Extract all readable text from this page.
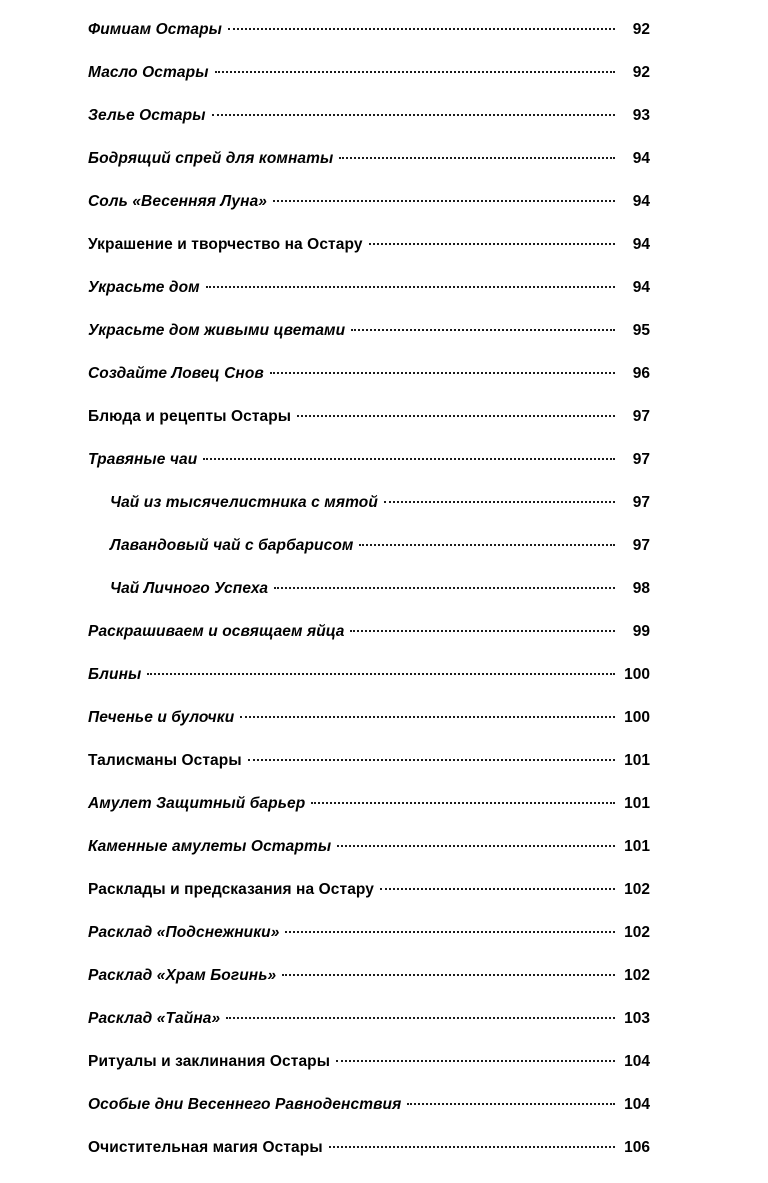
Фимиам Остары	92
Масло Остары	92
Зелье Остары	93
Бодрящий спрей для комнаты	94
Соль «Весенняя Луна»	94
Украшение и творчество на Остару	94
Украсьте дом	94
Украсьте дом живыми цветами	95
Создайте Ловец Снов	96
Блюда и рецепты Остары	97
Травяные чаи	97
Чай из тысячелистника с мятой	97
Лавандовый чай с барбарисом	97
Чай Личного Успеха	98
Раскрашиваем и освящаем яйца	99
Блины	100
Печенье и булочки	100
Талисманы Остары	101
Амулет Защитный барьер	101
Каменные амулеты Остарты	101
Расклады и предсказания на Остару	102
Расклад «Подснежники»	102
Расклад «Храм Богинь»	102
Расклад «Тайна»	103
Ритуалы и заклинания Остары	104
Особые дни Весеннего Равноденствия	104
Очистительная магия Остары	106
